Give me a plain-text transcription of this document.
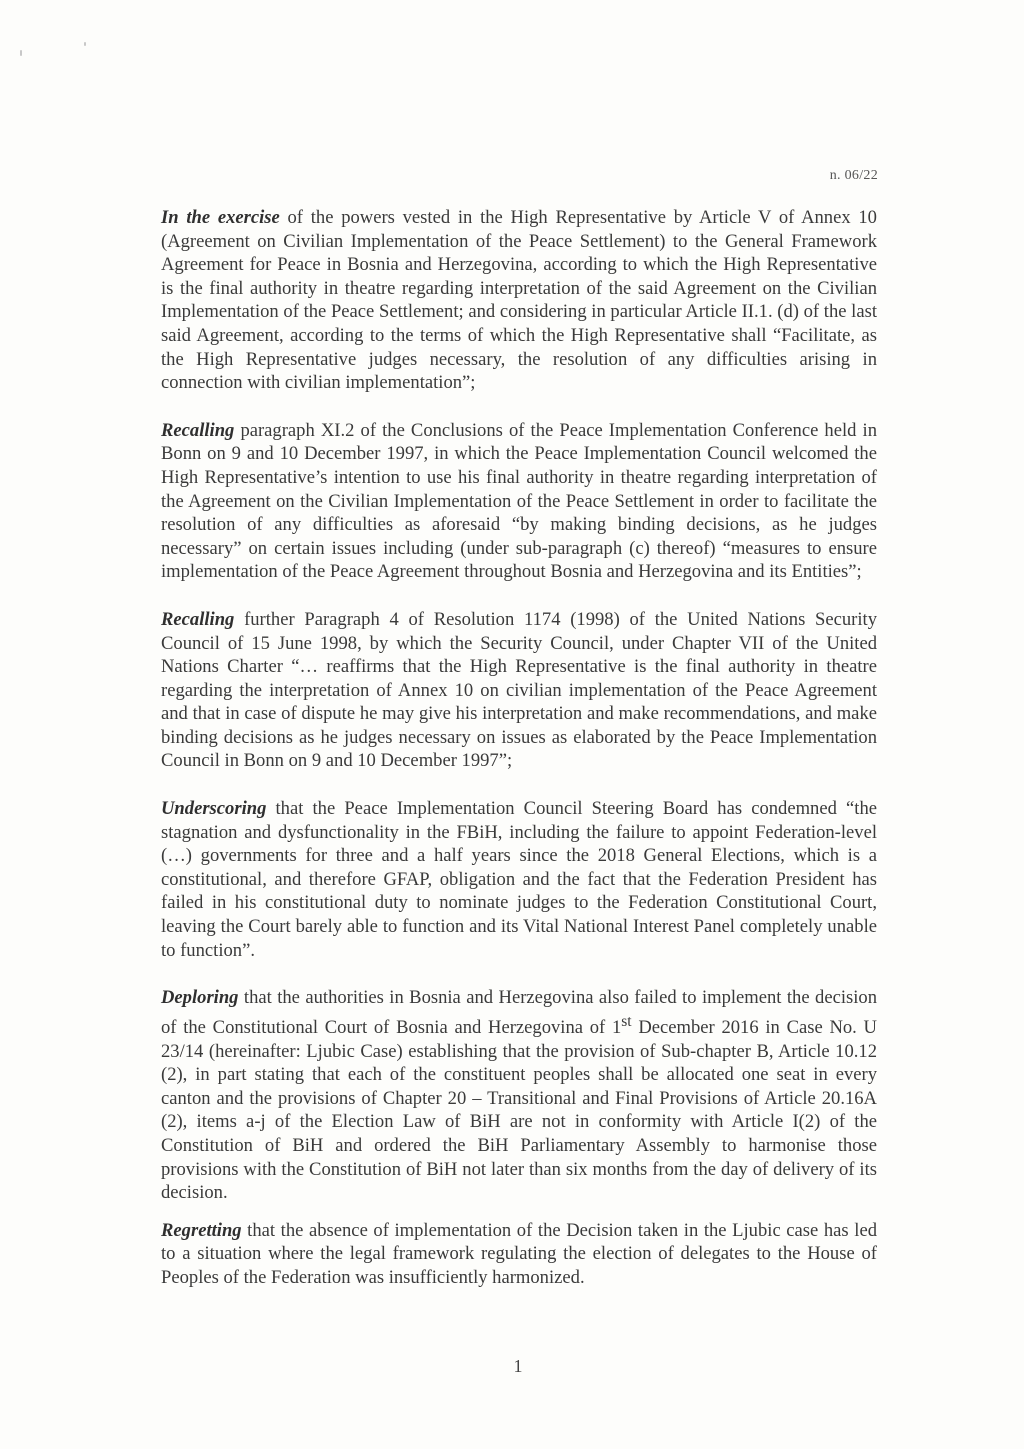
n. 06/22

In the exercise of the powers vested in the High Representative by Article V of Annex 10 (Agreement on Civilian Implementation of the Peace Settlement) to the General Framework Agreement for Peace in Bosnia and Herzegovina, according to which the High Representative is the final authority in theatre regarding interpretation of the said Agreement on the Civilian Implementation of the Peace Settlement; and considering in particular Article II.1. (d) of the last said Agreement, according to the terms of which the High Representative shall “Facilitate, as the High Representative judges necessary, the resolution of any difficulties arising in connection with civilian implementation”;

Recalling paragraph XI.2 of the Conclusions of the Peace Implementation Conference held in Bonn on 9 and 10 December 1997, in which the Peace Implementation Council welcomed the High Representative’s intention to use his final authority in theatre regarding interpretation of the Agreement on the Civilian Implementation of the Peace Settlement in order to facilitate the resolution of any difficulties as aforesaid “by making binding decisions, as he judges necessary” on certain issues including (under sub-paragraph (c) thereof) “measures to ensure implementation of the Peace Agreement throughout Bosnia and Herzegovina and its Entities”;

Recalling further Paragraph 4 of Resolution 1174 (1998) of the United Nations Security Council of 15 June 1998, by which the Security Council, under Chapter VII of the United Nations Charter “… reaffirms that the High Representative is the final authority in theatre regarding the interpretation of Annex 10 on civilian implementation of the Peace Agreement and that in case of dispute he may give his interpretation and make recommendations, and make binding decisions as he judges necessary on issues as elaborated by the Peace Implementation Council in Bonn on 9 and 10 December 1997”;

Underscoring that the Peace Implementation Council Steering Board has condemned “the stagnation and dysfunctionality in the FBiH, including the failure to appoint Federation-level (…) governments for three and a half years since the 2018 General Elections, which is a constitutional, and therefore GFAP, obligation and the fact that the Federation President has failed in his constitutional duty to nominate judges to the Federation Constitutional Court, leaving the Court barely able to function and its Vital National Interest Panel completely unable to function”.

Deploring that the authorities in Bosnia and Herzegovina also failed to implement the decision of the Constitutional Court of Bosnia and Herzegovina of 1st December 2016 in Case No. U 23/14 (hereinafter: Ljubic Case) establishing that the provision of Sub-chapter B, Article 10.12 (2), in part stating that each of the constituent peoples shall be allocated one seat in every canton and the provisions of Chapter 20 – Transitional and Final Provisions of Article 20.16A (2), items a-j of the Election Law of BiH are not in conformity with Article I(2) of the Constitution of BiH and ordered the BiH Parliamentary Assembly to harmonise those provisions with the Constitution of BiH not later than six months from the day of delivery of its decision.

Regretting that the absence of implementation of the Decision taken in the Ljubic case has led to a situation where the legal framework regulating the election of delegates to the House of Peoples of the Federation was insufficiently harmonized.

1
